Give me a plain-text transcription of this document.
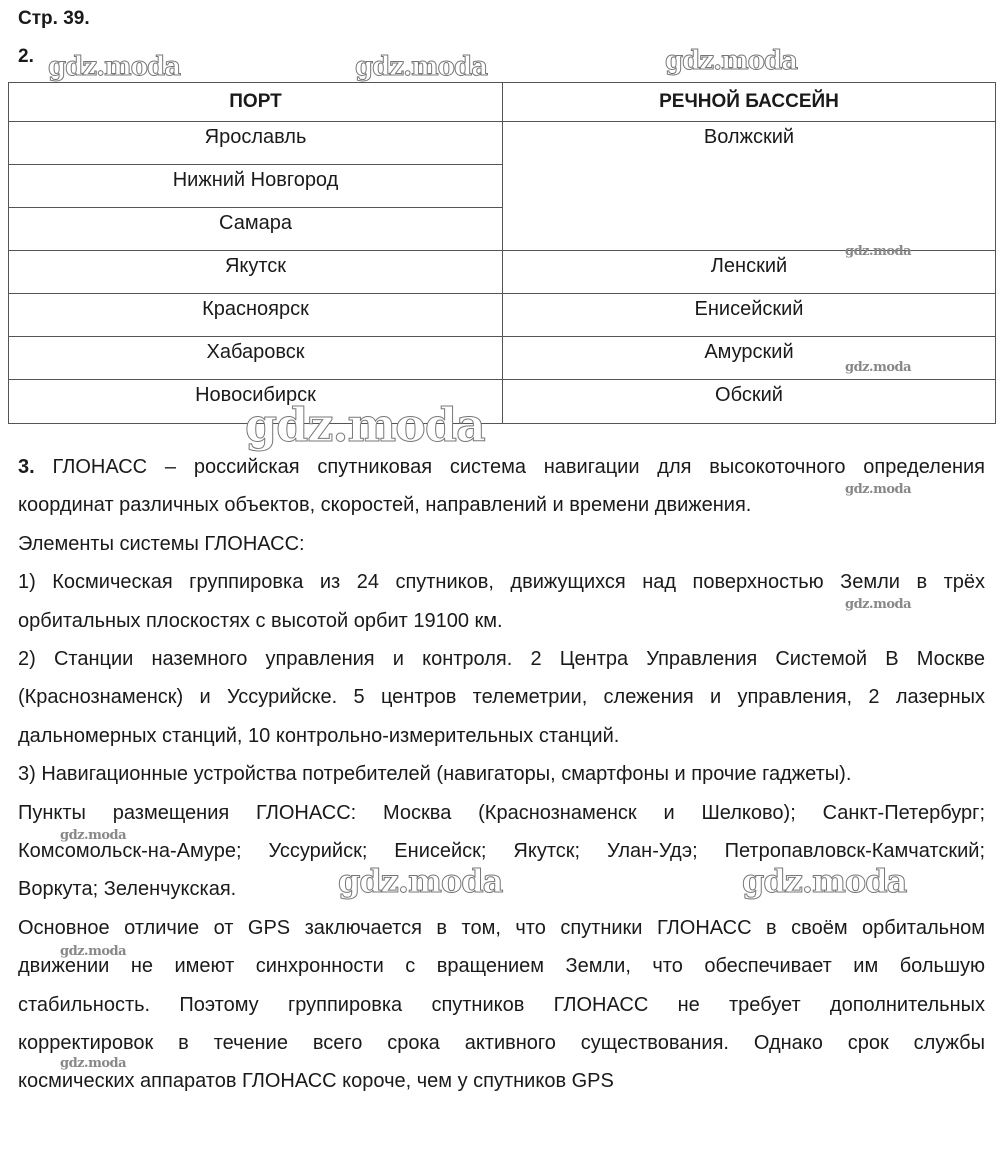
Стр. 39.
2.
ПОРТ	РЕЧНОЙ БАССЕЙН
Ярославль	Волжский
Нижний Новгород	
Самара	
Якутск	Ленский
Красноярск	Енисейский
Хабаровск	Амурский
Новосибирск	Обский
3. ГЛОНАСС – российская спутниковая система навигации для высокоточного определения
координат различных объектов, скоростей, направлений и времени движения.
Элементы системы ГЛОНАСС:
1) Космическая группировка из 24 спутников, движущихся над поверхностью Земли в трёх
орбитальных плоскостях с высотой орбит 19100 км.
2) Станции наземного управления и контроля. 2 Центра Управления Системой В Москве
(Краснознаменск) и Уссурийске. 5 центров телеметрии, слежения и управления, 2 лазерных
дальномерных станций, 10 контрольно-измерительных станций.
3) Навигационные устройства потребителей (навигаторы, смартфоны и прочие гаджеты).
Пункты размещения ГЛОНАСС: Москва (Краснознаменск и Шелково); Санкт-Петербург;
Комсомольск-на-Амуре; Уссурийск; Енисейск; Якутск; Улан-Удэ; Петропавловск-Камчатский;
Воркута; Зеленчукская.
Основное отличие от GPS заключается в том, что спутники ГЛОНАСС в своём орбитальном
движении не имеют синхронности с вращением Земли, что обеспечивает им большую
стабильность. Поэтому группировка спутников ГЛОНАСС не требует дополнительных
корректировок в течение всего срока активного существования. Однако срок службы
космических аппаратов ГЛОНАСС короче, чем у спутников GPS
gdz.moda	gdz.moda	gdz.moda
gdz.moda
gdz.moda
gdz.moda
gdz.moda
gdz.moda
gdz.moda
gdz.moda	gdz.moda
gdz.moda
gdz.moda
